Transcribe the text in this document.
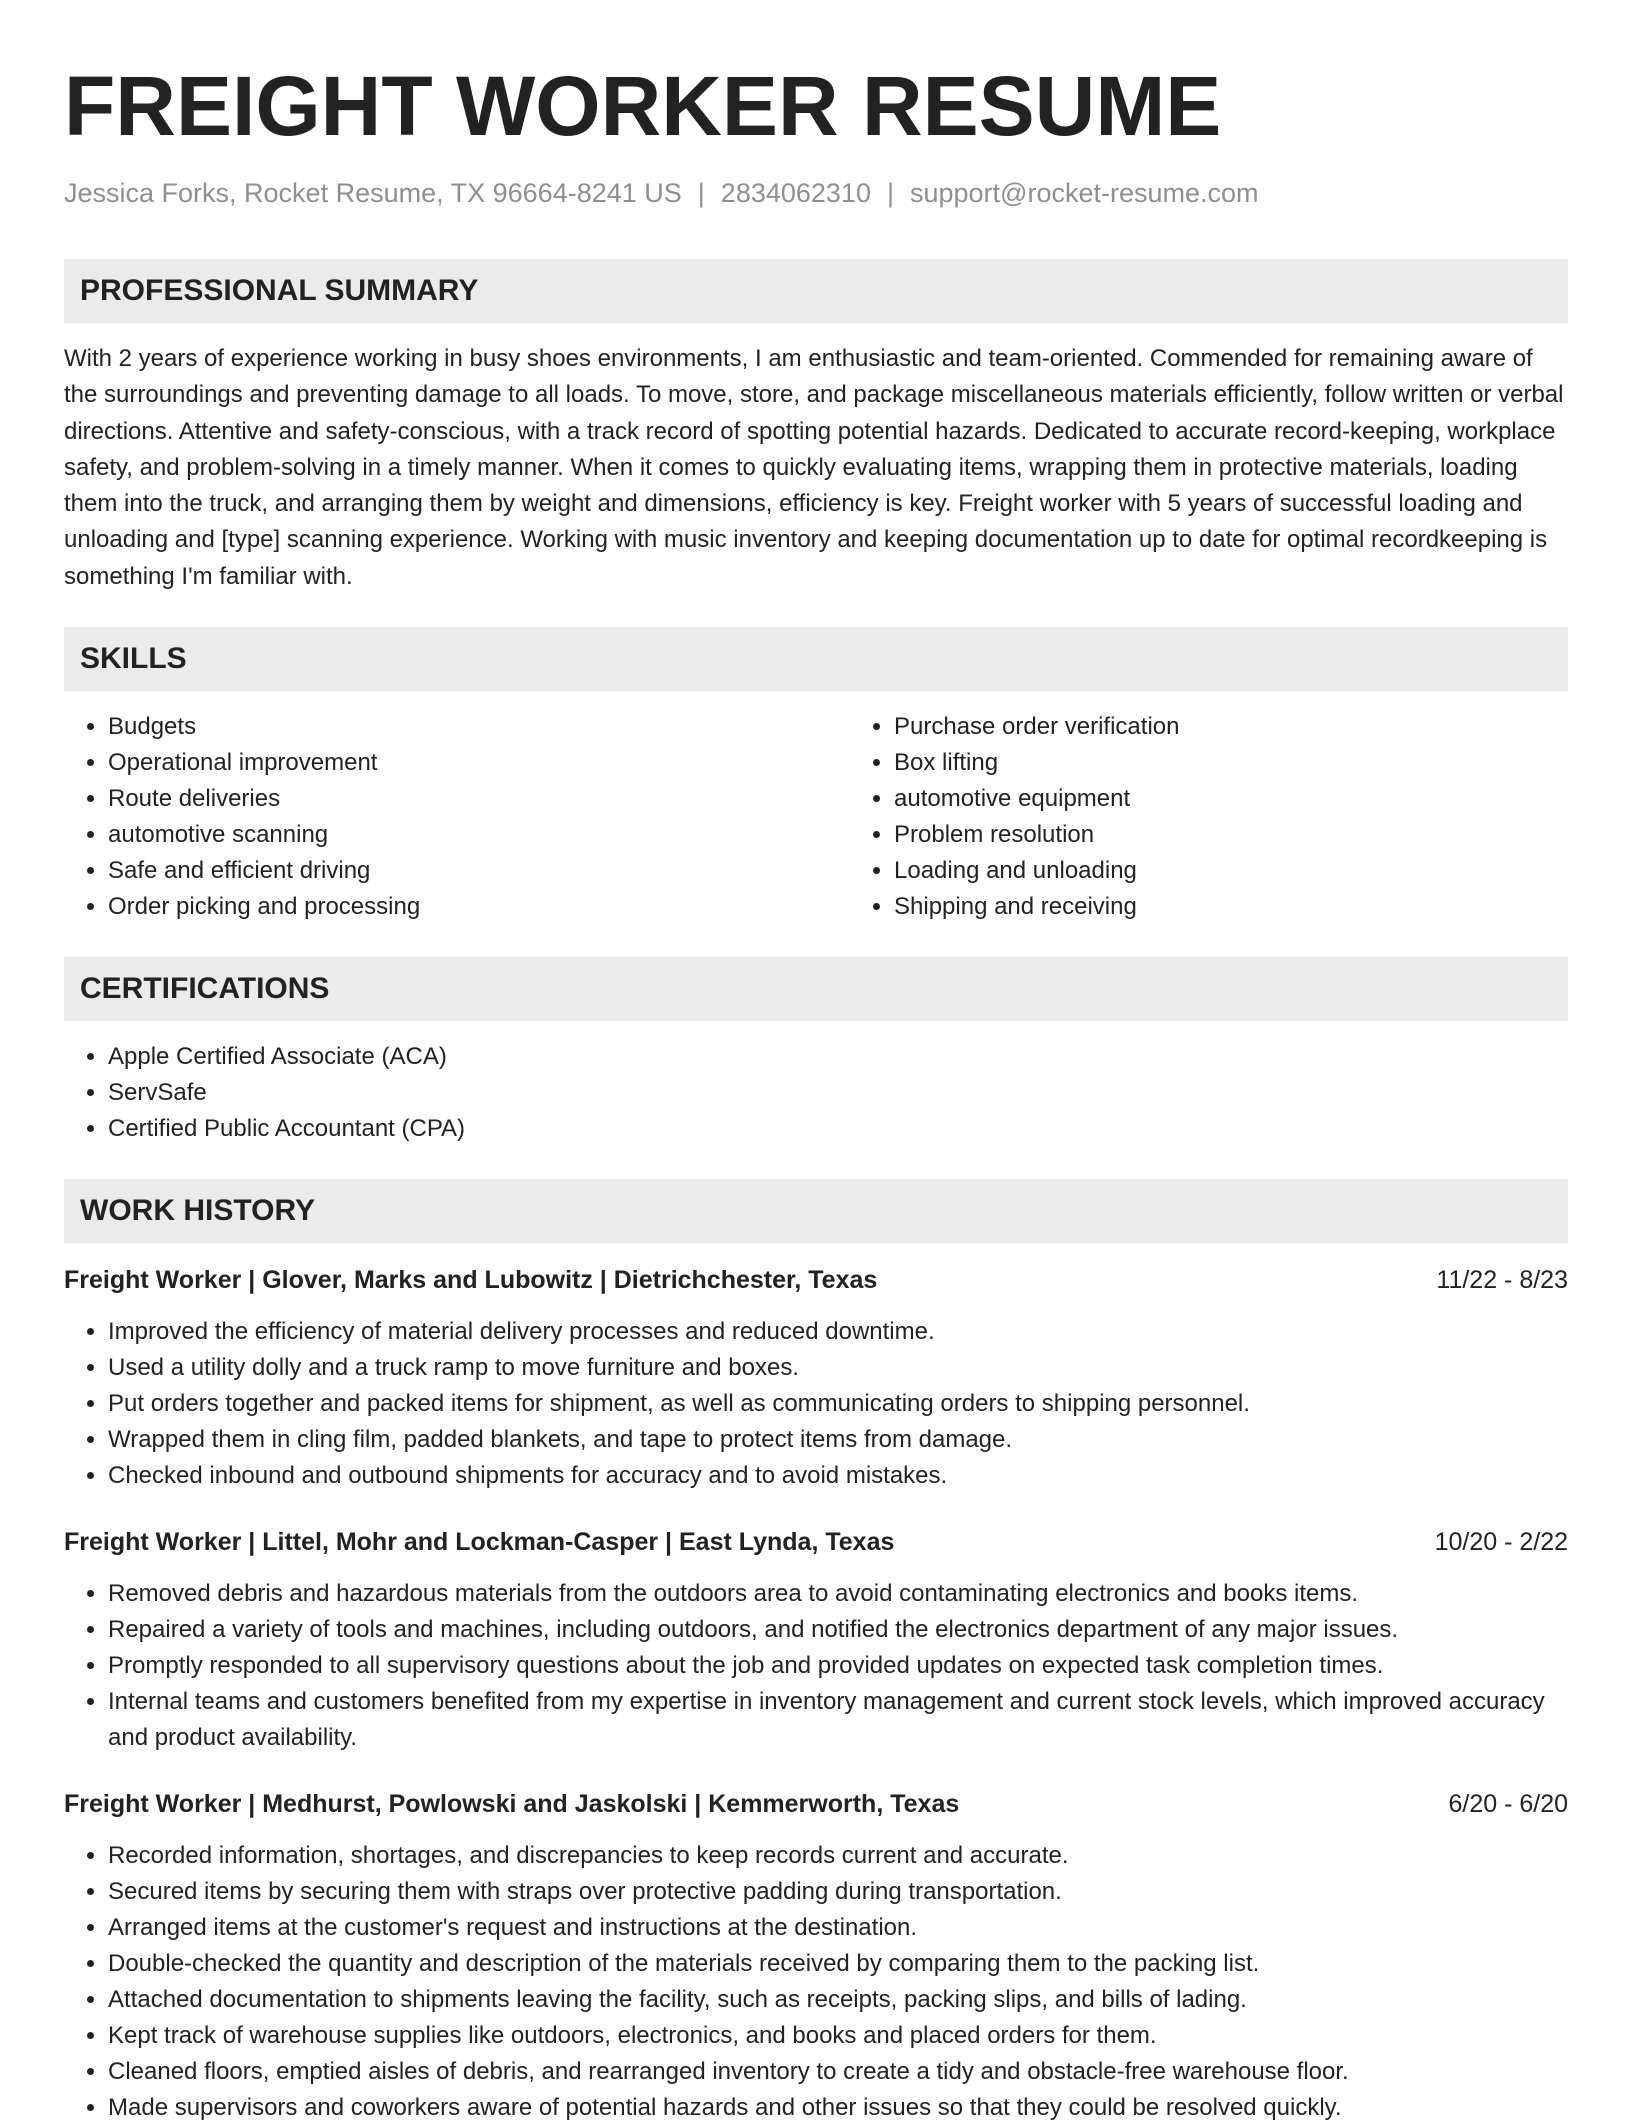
FREIGHT WORKER RESUME
Jessica Forks, Rocket Resume, TX 96664-8241 US | 2834062310 | support@rocket-resume.com
PROFESSIONAL SUMMARY
With 2 years of experience working in busy shoes environments, I am enthusiastic and team-oriented. Commended for remaining aware of the surroundings and preventing damage to all loads. To move, store, and package miscellaneous materials efficiently, follow written or verbal directions. Attentive and safety-conscious, with a track record of spotting potential hazards. Dedicated to accurate record-keeping, workplace safety, and problem-solving in a timely manner. When it comes to quickly evaluating items, wrapping them in protective materials, loading them into the truck, and arranging them by weight and dimensions, efficiency is key. Freight worker with 5 years of successful loading and unloading and [type] scanning experience. Working with music inventory and keeping documentation up to date for optimal recordkeeping is something I'm familiar with.
SKILLS
• Budgets
• Operational improvement
• Route deliveries
• automotive scanning
• Safe and efficient driving
• Order picking and processing
• Purchase order verification
• Box lifting
• automotive equipment
• Problem resolution
• Loading and unloading
• Shipping and receiving
CERTIFICATIONS
• Apple Certified Associate (ACA)
• ServSafe
• Certified Public Accountant (CPA)
WORK HISTORY
Freight Worker | Glover, Marks and Lubowitz | Dietrichchester, Texas	11/22 - 8/23
• Improved the efficiency of material delivery processes and reduced downtime.
• Used a utility dolly and a truck ramp to move furniture and boxes.
• Put orders together and packed items for shipment, as well as communicating orders to shipping personnel.
• Wrapped them in cling film, padded blankets, and tape to protect items from damage.
• Checked inbound and outbound shipments for accuracy and to avoid mistakes.
Freight Worker | Littel, Mohr and Lockman-Casper | East Lynda, Texas	10/20 - 2/22
• Removed debris and hazardous materials from the outdoors area to avoid contaminating electronics and books items.
• Repaired a variety of tools and machines, including outdoors, and notified the electronics department of any major issues.
• Promptly responded to all supervisory questions about the job and provided updates on expected task completion times.
• Internal teams and customers benefited from my expertise in inventory management and current stock levels, which improved accuracy and product availability.
Freight Worker | Medhurst, Powlowski and Jaskolski | Kemmerworth, Texas	6/20 - 6/20
• Recorded information, shortages, and discrepancies to keep records current and accurate.
• Secured items by securing them with straps over protective padding during transportation.
• Arranged items at the customer's request and instructions at the destination.
• Double-checked the quantity and description of the materials received by comparing them to the packing list.
• Attached documentation to shipments leaving the facility, such as receipts, packing slips, and bills of lading.
• Kept track of warehouse supplies like outdoors, electronics, and books and placed orders for them.
• Cleaned floors, emptied aisles of debris, and rearranged inventory to create a tidy and obstacle-free warehouse floor.
• Made supervisors and coworkers aware of potential hazards and other issues so that they could be resolved quickly.
